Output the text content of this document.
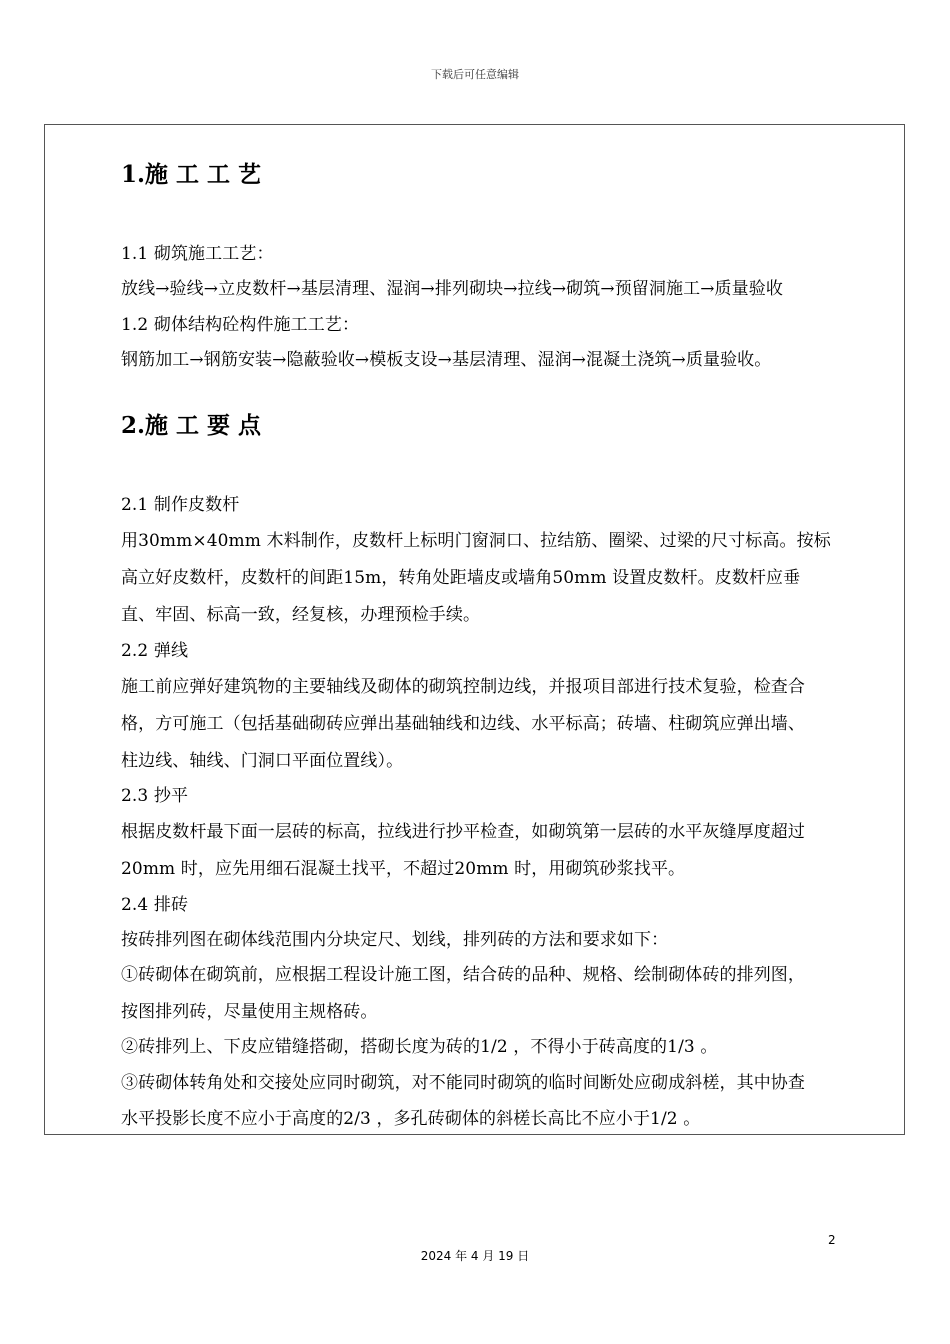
下载后可任意编辑
1.施 工 工 艺
1.1 砌筑施工工艺：
放线→验线→立皮数杆→基层清理、湿润→排列砌块→拉线→砌筑→预留洞施工→质量验收
1.2 砌体结构砼构件施工工艺：
钢筋加工→钢筋安装→隐蔽验收→模板支设→基层清理、湿润→混凝土浇筑→质量验收。
2.施 工 要 点
2.1 制作皮数杆
用30mm×40mm 木料制作，皮数杆上标明门窗洞口、拉结筋、圈梁、过梁的尺寸标高。按标
高立好皮数杆，皮数杆的间距15m，转角处距墙皮或墙角50mm 设置皮数杆。皮数杆应垂
直、牢固、标高一致，经复核，办理预检手续。
2.2 弹线
施工前应弹好建筑物的主要轴线及砌体的砌筑控制边线，并报项目部进行技术复验，检查合
格，方可施工（包括基础砌砖应弹出基础轴线和边线、水平标高；砖墙、柱砌筑应弹出墙、
柱边线、轴线、门洞口平面位置线）。
2.3 抄平
根据皮数杆最下面一层砖的标高，拉线进行抄平检查，如砌筑第一层砖的水平灰缝厚度超过
20mm 时，应先用细石混凝土找平，不超过20mm 时，用砌筑砂浆找平。
2.4 排砖
按砖排列图在砌体线范围内分块定尺、划线，排列砖的方法和要求如下：
①砖砌体在砌筑前，应根据工程设计施工图，结合砖的品种、规格、绘制砌体砖的排列图，
按图排列砖，尽量使用主规格砖。
②砖排列上、下皮应错缝搭砌，搭砌长度为砖的1/2 ，不得小于砖高度的1/3 。
③砖砌体转角处和交接处应同时砌筑，对不能同时砌筑的临时间断处应砌成斜槎，其中协查
水平投影长度不应小于高度的2/3 ，多孔砖砌体的斜槎长高比不应小于1/2 。
2
2024 年 4 月 19 日
